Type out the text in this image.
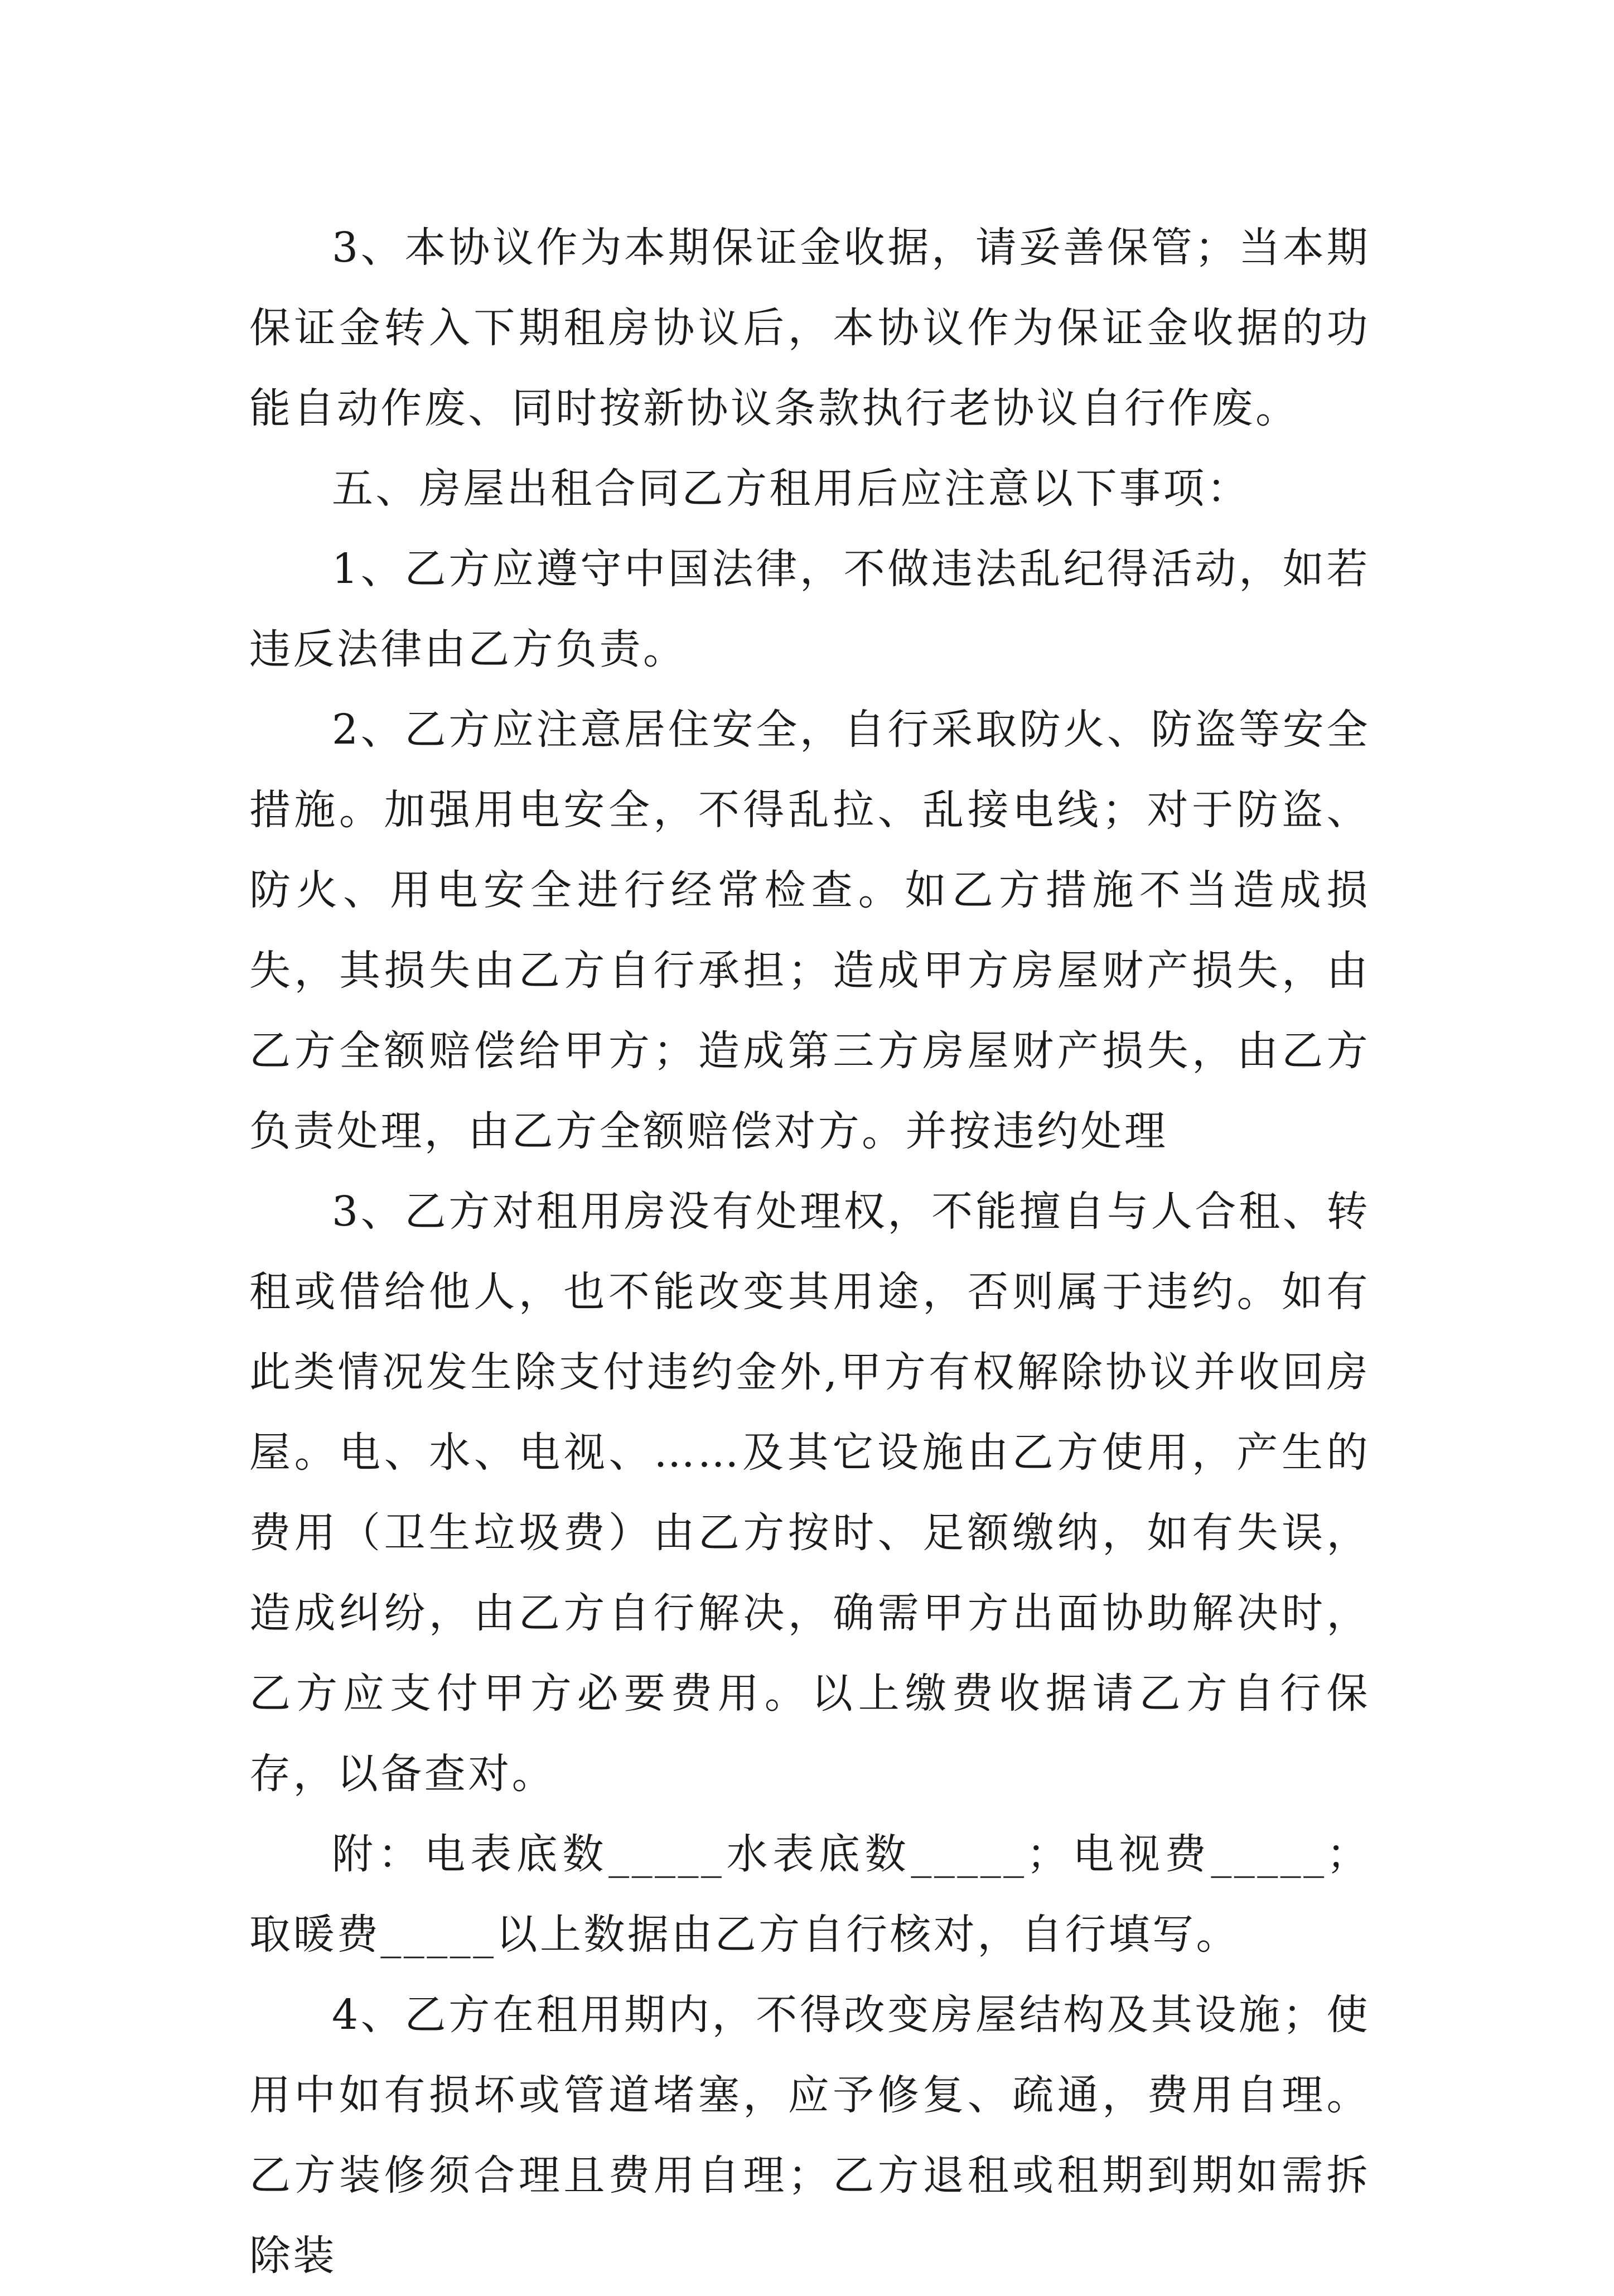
3、本协议作为本期保证金收据，请妥善保管；当本期保证金转入下期租房协议后，本协议作为保证金收据的功能自动作废、同时按新协议条款执行老协议自行作废。

五、房屋出租合同乙方租用后应注意以下事项：

1、乙方应遵守中国法律，不做违法乱纪得活动，如若违反法律由乙方负责。

2、乙方应注意居住安全，自行采取防火、防盗等安全措施。加强用电安全，不得乱拉、乱接电线；对于防盗、防火、用电安全进行经常检查。如乙方措施不当造成损失，其损失由乙方自行承担；造成甲方房屋财产损失，由乙方全额赔偿给甲方；造成第三方房屋财产损失，由乙方负责处理，由乙方全额赔偿对方。并按违约处理

3、乙方对租用房没有处理权，不能擅自与人合租、转租或借给他人，也不能改变其用途，否则属于违约。如有此类情况发生除支付违约金外,甲方有权解除协议并收回房屋。电、水、电视、……及其它设施由乙方使用，产生的费用（卫生垃圾费）由乙方按时、足额缴纳，如有失误，造成纠纷，由乙方自行解决，确需甲方出面协助解决时，乙方应支付甲方必要费用。以上缴费收据请乙方自行保存，以备查对。

附：电表底数_____水表底数_____；电视费_____；取暖费_____以上数据由乙方自行核对，自行填写。

4、乙方在租用期内，不得改变房屋结构及其设施；使用中如有损坏或管道堵塞，应予修复、疏通，费用自理。乙方装修须合理且费用自理；乙方退租或租期到期如需拆除装
